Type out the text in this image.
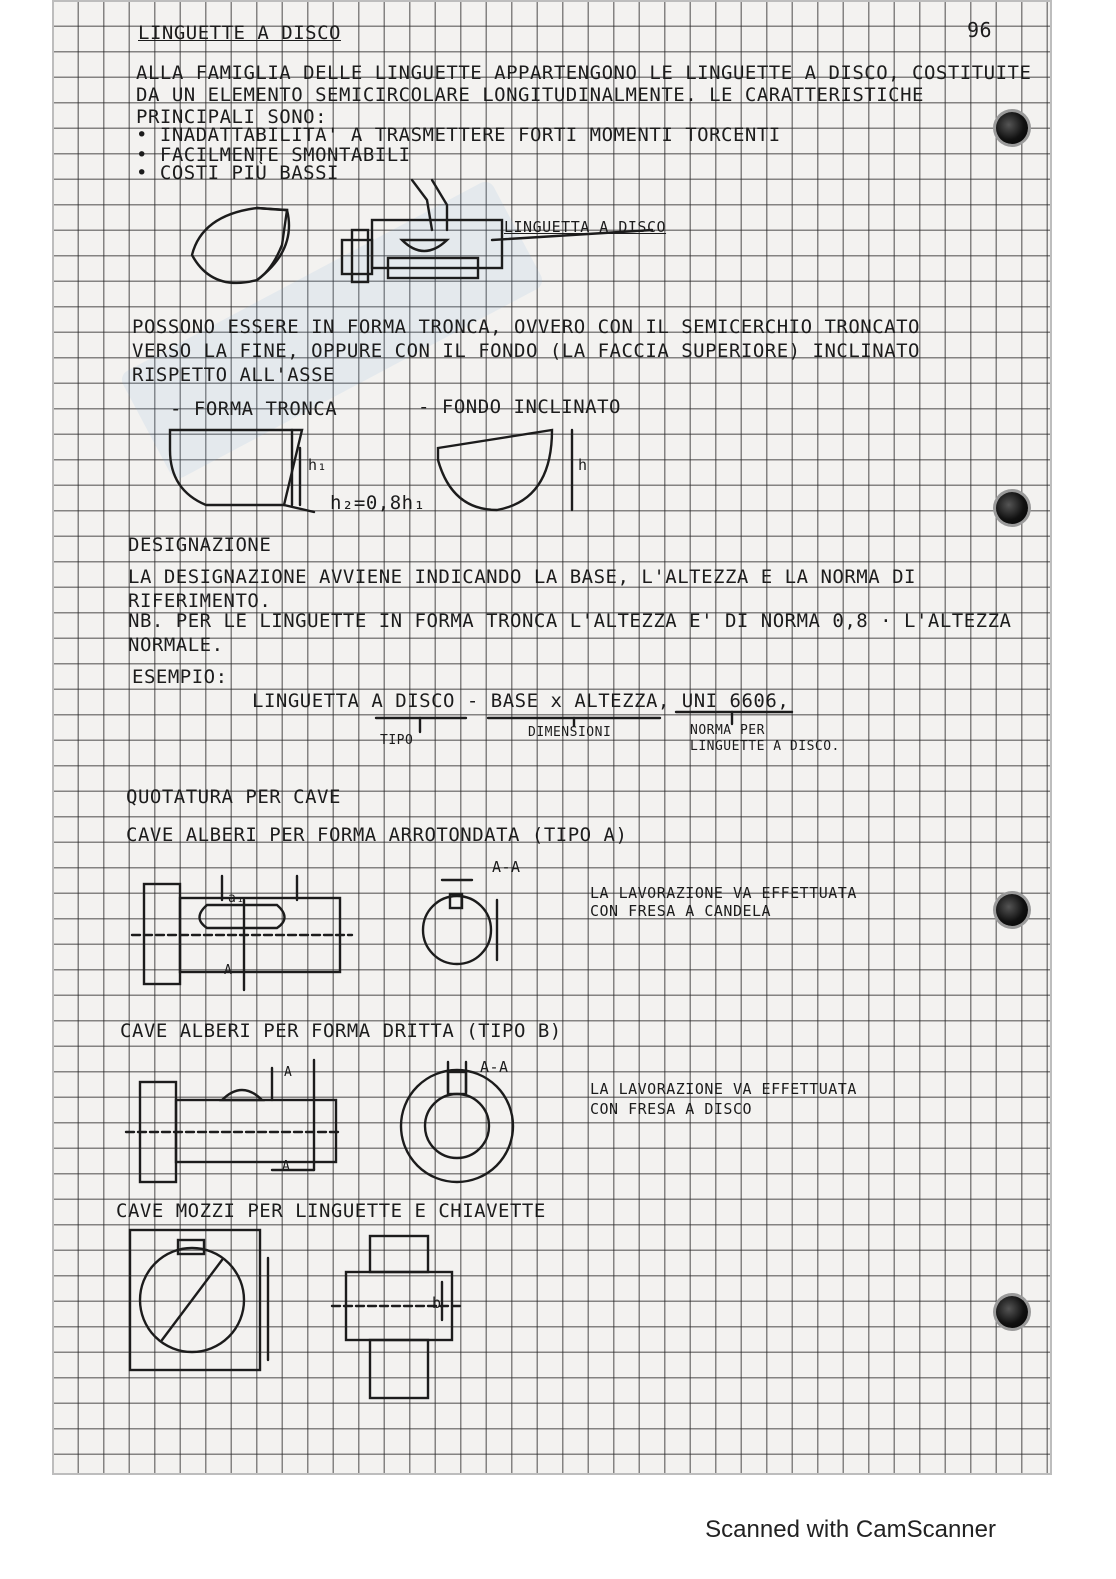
LINGUETTE A DISCO	96
ALLA FAMIGLIA DELLE LINGUETTE APPARTENGONO LE LINGUETTE A DISCO, COSTITUITE
DA UN ELEMENTO SEMICIRCOLARE LONGITUDINALMENTE. LE CARATTERISTICHE
PRINCIPALI SONO:
• INADATTABILITA' A TRASMETTERE FORTI MOMENTI TORCENTI
• FACILMENTE SMONTABILI
• COSTI PIÙ BASSI
LINGUETTA A DISCO
POSSONO ESSERE IN FORMA TRONCA, OVVERO CON IL SEMICERCHIO TRONCATO
VERSO LA FINE, OPPURE CON IL FONDO (LA FACCIA SUPERIORE) INCLINATO
RISPETTO ALL'ASSE
- FORMA TRONCA	- FONDO INCLINATO
h₁
h₂=0,8h₁
h
DESIGNAZIONE
LA DESIGNAZIONE AVVIENE INDICANDO LA BASE, L'ALTEZZA E LA NORMA DI
RIFERIMENTO.
NB. PER LE LINGUETTE IN FORMA TRONCA L'ALTEZZA E' DI NORMA 0,8 · L'ALTEZZA
NORMALE.
ESEMPIO:
LINGUETTA A DISCO - BASE x ALTEZZA, UNI 6606,
TIPO
DIMENSIONI	NORMA PER
LINGUETTE A DISCO.
QUOTATURA PER CAVE
CAVE ALBERI PER FORMA ARROTONDATA (TIPO A)
A-A
LA LAVORAZIONE VA EFFETTUATA
CON FRESA A CANDELA
a₁
A
CAVE ALBERI PER FORMA DRITTA (TIPO B)
A-A
LA LAVORAZIONE VA EFFETTUATA
CON FRESA A DISCO
A
A
CAVE MOZZI PER LINGUETTE E CHIAVETTE
b
Scanned with CamScanner
